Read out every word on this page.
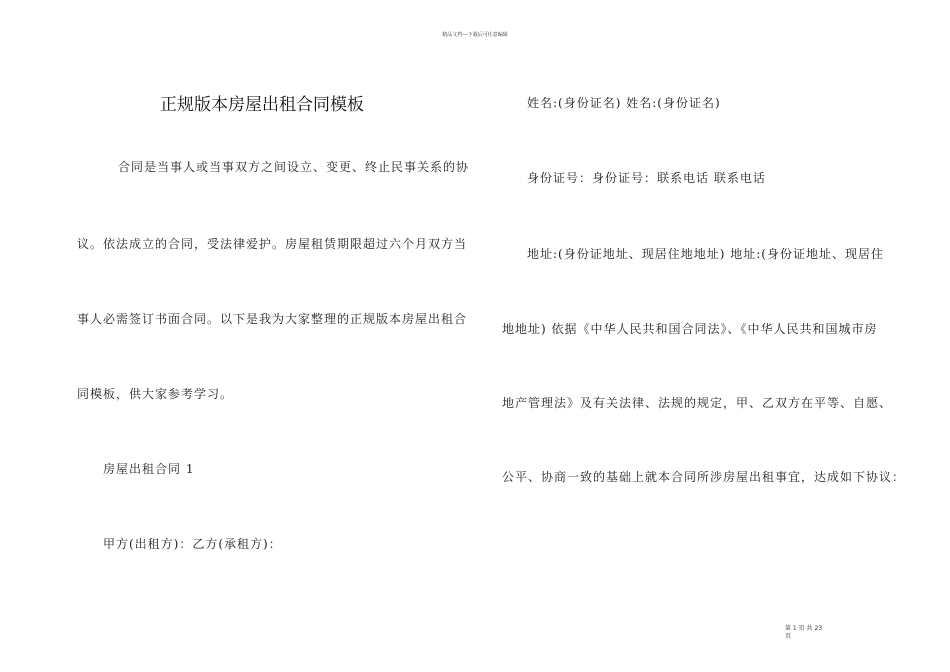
精品文档---下载后可任意编辑
正规版本房屋出租合同模板
合同是当事人或当事双方之间设立、变更、终止民事关系的协
议。依法成立的合同，受法律爱护。房屋租赁期限超过六个月双方当
事人必需签订书面合同。以下是我为大家整理的正规版本房屋出租合
同模板，供大家参考学习。
房屋出租合同 1
甲方(出租方)：乙方(承租方)：
姓名:(身份证名) 姓名:(身份证名)
身份证号：身份证号：联系电话 联系电话
地址:(身份证地址、现居住地地址) 地址:(身份证地址、现居住
地地址) 依据《中华人民共和国合同法》、《中华人民共和国城市房
地产管理法》及有关法律、法规的规定，甲、乙双方在平等、自愿、
公平、协商一致的基础上就本合同所涉房屋出租事宜，达成如下协议：
第 1 页 共 23
页
